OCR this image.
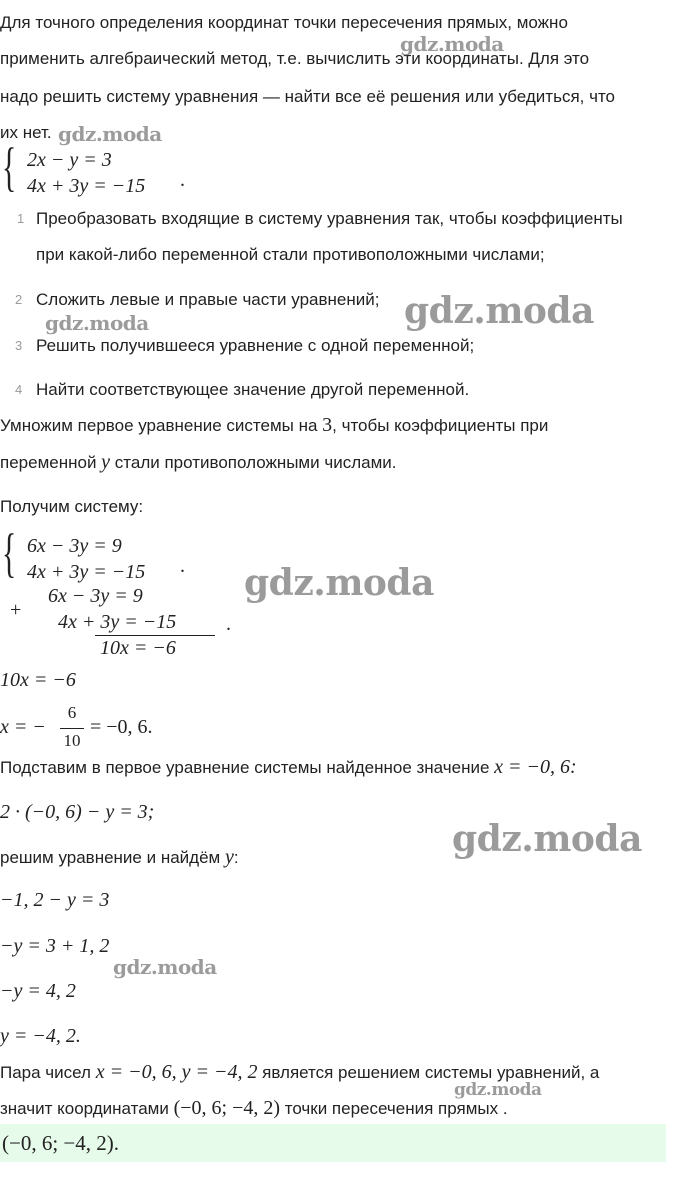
Для точного определения координат точки пересечения прямых, можно
применить алгебраический метод, т.е. вычислить эти координаты. Для это
надо решить систему уравнения — найти все её решения или убедиться, что
их нет.
{ 2x − y = 3
4x + 3y = −15 .
1 Преобразовать входящие в систему уравнения так, чтобы коэффициенты
при какой-либо переменной стали противоположными числами;
2 Сложить левые и правые части уравнений;
3 Решить получившееся уравнение с одной переменной;
4 Найти соответствующее значение другой переменной.
Умножим первое уравнение системы на 3, чтобы коэффициенты при
переменной y стали противоположными числами.
Получим систему:
{ 6x − 3y = 9
4x + 3y = −15 .
+
6x − 3y = 9
4x + 3y = −15
10x = −6
.
10x = −6
x = −
6
10
= −0, 6.
Подставим в первое уравнение системы найденное значение x = −0, 6:
2 · (−0, 6) − y = 3;
решим уравнение и найдём y:
−1, 2 − y = 3
−y = 3 + 1, 2
−y = 4, 2
y = −4, 2.
Пара чисел x = −0, 6, y = −4, 2 является решением системы уравнений, а
значит координатами (−0, 6; −4, 2) точки пересечения прямых .
(−0, 6; −4, 2).
gdz.moda
gdz.moda
gdz.moda
gdz.moda
gdz.moda
gdz.moda
gdz.moda
gdz.moda
